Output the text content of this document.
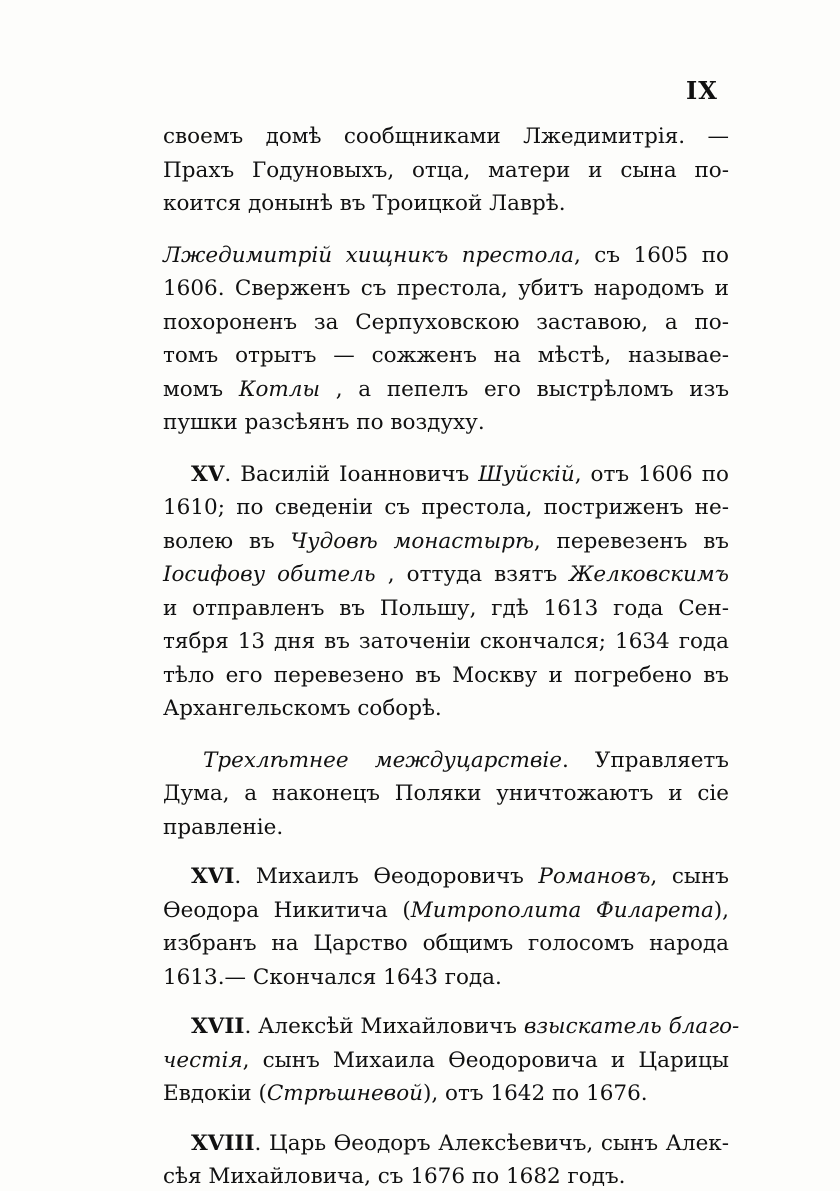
IX

своемъ домѣ сообщниками Лжедимитрія. —
Прахъ Годуновыхъ, отца, матери и сына по-
коится донынѣ въ Троицкой Лаврѣ.

Лжедимитрій хищникъ престола, съ 1605 по
1606. Сверженъ съ престола, убитъ народомъ и
похороненъ за Серпуховскою заставою, а по-
томъ отрытъ — сожженъ на мѣстѣ, называе-
момъ Котлы , а пепелъ его выстрѣломъ изъ
пушки разсѣянъ по воздуху.

XV. Василій Іоанновичъ Шуйскій, отъ 1606 по
1610; по сведеніи съ престола, постриженъ не-
волею въ Чудовѣ монастырѣ, перевезенъ въ
Іосифову обитель , оттуда взятъ Желковскимъ
и отправленъ въ Польшу, гдѣ 1613 года Сен-
тября 13 дня въ заточеніи скончался; 1634 года
тѣло его перевезено въ Москву и погребено въ
Архангельскомъ соборѣ.

Трехлѣтнее междуцарствіе. Управляетъ
Дума, а наконецъ Поляки уничтожаютъ и сіе
правленіе.

XVI. Михаилъ Ѳеодоровичъ Романовъ, сынъ
Ѳеодора Никитича (Митрополита Филарета),
избранъ на Царство общимъ голосомъ народа
1613.— Скончался 1643 года.

XVII. Алексѣй Михайловичъ взыскатель благо-
честія, сынъ Михаила Ѳеодоровича и Царицы
Евдокіи (Стрѣшневой), отъ 1642 по 1676.

XVIII. Царь Ѳеодоръ Алексѣевичъ, сынъ Алек-
сѣя Михайловича, съ 1676 по 1682 годъ.
